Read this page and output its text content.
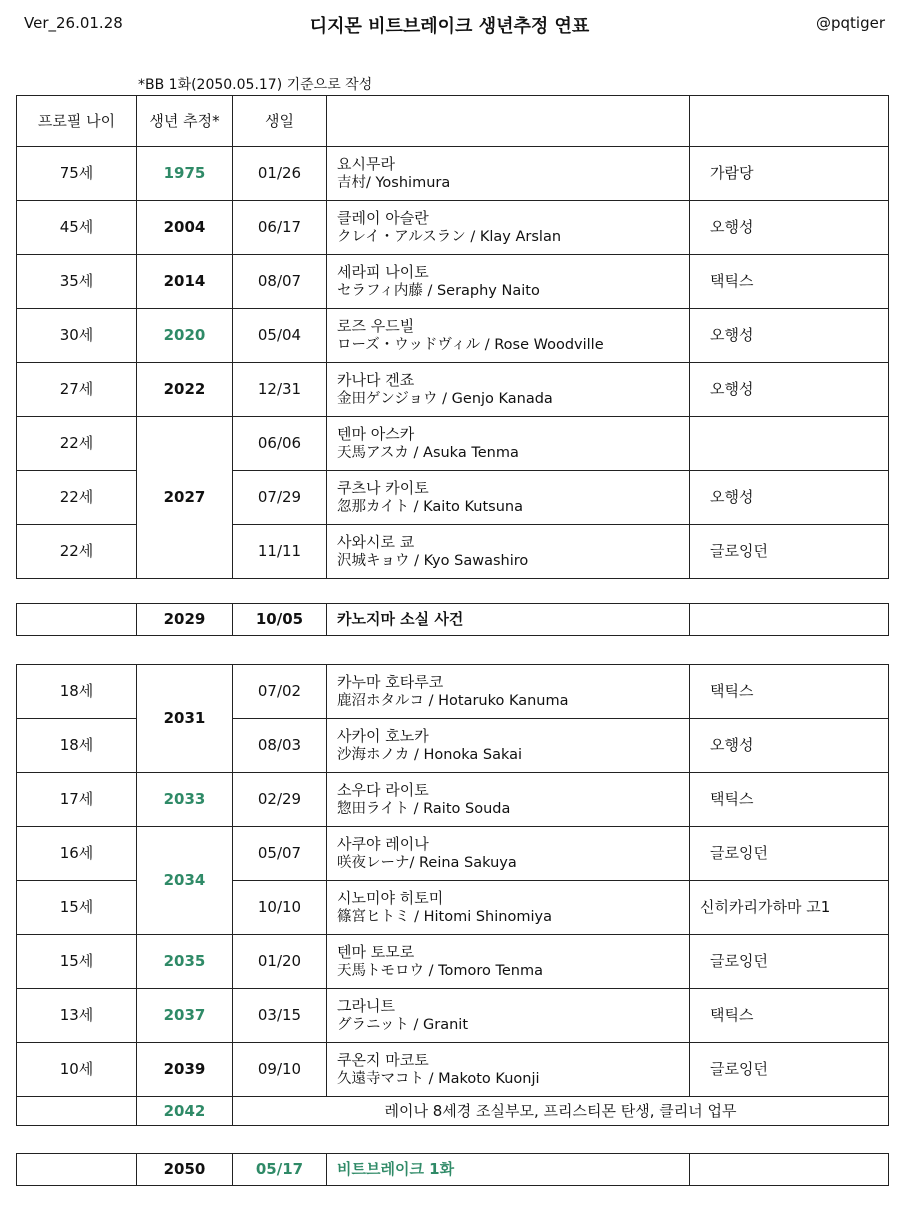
Ver_26.01.28	디지몬 비트브레이크 생년추정 연표	@pqtiger
*BB 1화(2050.05.17) 기준으로 작성
프로필 나이	생년 추정*	생일		
75세	1975	01/26	요시무라
吉村/ Yoshimura	가람당
45세	2004	06/17	클레이 아슬란
クレイ・アルスラン / Klay Arslan	오행성
35세	2014	08/07	세라피 나이토
セラフィ内藤 / Seraphy Naito	택틱스
30세	2020	05/04	로즈 우드빌
ローズ・ウッドヴィル / Rose Woodville	오행성
27세	2022	12/31	카나다 겐죠
金田ゲンジョウ / Genjo Kanada	오행성
22세	2027	06/06	텐마 아스카
天馬アスカ / Asuka Tenma	

22세		07/29	쿠츠나 카이토
忽那カイト / Kaito Kutsuna	오행성
22세		11/11	사와시로 쿄
沢城キョウ / Kyo Sawashiro	글로잉던
	2029	10/05	카노지마 소실 사건	
18세	2031	07/02	카누마 호타루코
鹿沼ホタルコ / Hotaruko Kanuma	택틱스
18세		08/03	사카이 호노카
沙海ホノカ / Honoka Sakai	오행성
17세	2033	02/29	소우다 라이토
惣田ライト / Raito Souda	택틱스
16세	2034	05/07	사쿠야 레이나
咲夜レーナ/ Reina Sakuya	글로잉던
15세		10/10	시노미야 히토미
篠宮ヒトミ / Hitomi Shinomiya	신히카리가하마 고1
15세	2035	01/20	텐마 토모로
天馬トモロウ / Tomoro Tenma	글로잉던
13세	2037	03/15	그라니트
グラニット / Granit	택틱스
10세	2039	09/10	쿠온지 마코토
久遠寺マコト / Makoto Kuonji	글로잉던
	2042	레이나 8세경 조실부모, 프리스티몬 탄생, 클리너 업무		
	2050	05/17	비트브레이크 1화	
